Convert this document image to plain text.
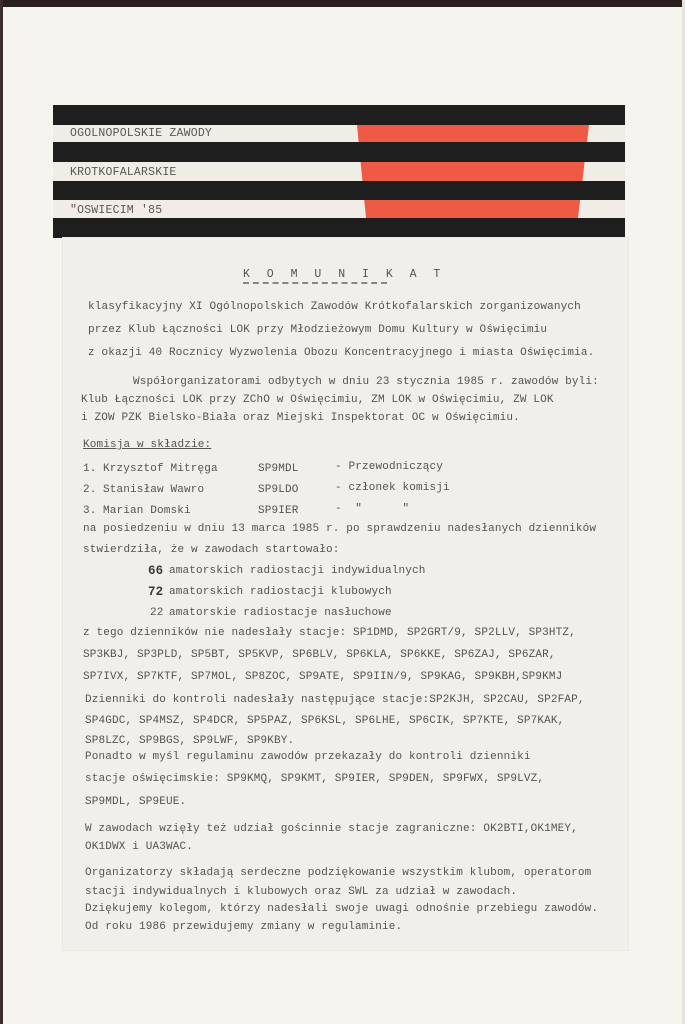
OGOLNOPOLSKIE ZAWODY
KROTKOFALARSKIE
"OSWIECIM '85
K O M U N I K A T
klasyfikacyjny XI Ogólnopolskich Zawodów Krótkofalarskich zorganizowanych
przez Klub Łączności LOK przy Młodzieżowym Domu Kultury w Oświęcimiu
z okazji 40 Rocznicy Wyzwolenia Obozu Koncentracyjnego i miasta Oświęcimia.
Współorganizatorami odbytych w dniu 23 stycznia 1985 r. zawodów byli:
Klub Łączności LOK przy ZChO w Oświęcimiu, ZM LOK w Oświęcimiu, ZW LOK
i ZOW PZK Bielsko-Biała oraz Miejski Inspektorat OC w Oświęcimiu.
Komisja w składzie:
1. Krzysztof Mitręga	SP9MDL	- Przewodniczący
2. Stanisław Wawro	SP9LDO	- członek komisji
3. Marian Domski	SP9IER	-  "      "
na posiedzeniu w dniu 13 marca 1985 r. po sprawdzeniu nadesłanych dzienników
stwierdziła, że w zawodach startowało:
66 amatorskich radiostacji indywidualnych
72 amatorskich radiostacji klubowych
22 amatorskie radiostacje nasłuchowe
z tego dzienników nie nadesłały stacje: SP1DMD, SP2GRT/9, SP2LLV, SP3HTZ,
SP3KBJ, SP3PLD, SP5BT, SP5KVP, SP6BLV, SP6KLA, SP6KKE, SP6ZAJ, SP6ZAR,
SP7IVX, SP7KTF, SP7MOL, SP8ZOC, SP9ATE, SP9IIN/9, SP9KAG, SP9KBH,SP9KMJ
Dzienniki do kontroli nadesłały następujące stacje:SP2KJH, SP2CAU, SP2FAP,
SP4GDC, SP4MSZ, SP4DCR, SP5PAZ, SP6KSL, SP6LHE, SP6CIK, SP7KTE, SP7KAK,
SP8LZC, SP9BGS, SP9LWF, SP9KBY.
Ponadto w myśl regulaminu zawodów przekazały do kontroli dzienniki
stacje oświęcimskie: SP9KMQ, SP9KMT, SP9IER, SP9DEN, SP9FWX, SP9LVZ,
SP9MDL, SP9EUE.
W zawodach wzięły też udział gościnnie stacje zagraniczne: OK2BTI,OK1MEY,
OK1DWX i UA3WAC.
Organizatorzy składają serdeczne podziękowanie wszystkim klubom, operatorom
stacji indywidualnych i klubowych oraz SWL za udział w zawodach.
Dziękujemy kolegom, którzy nadesłali swoje uwagi odnośnie przebiegu zawodów.
Od roku 1986 przewidujemy zmiany w regulaminie.
